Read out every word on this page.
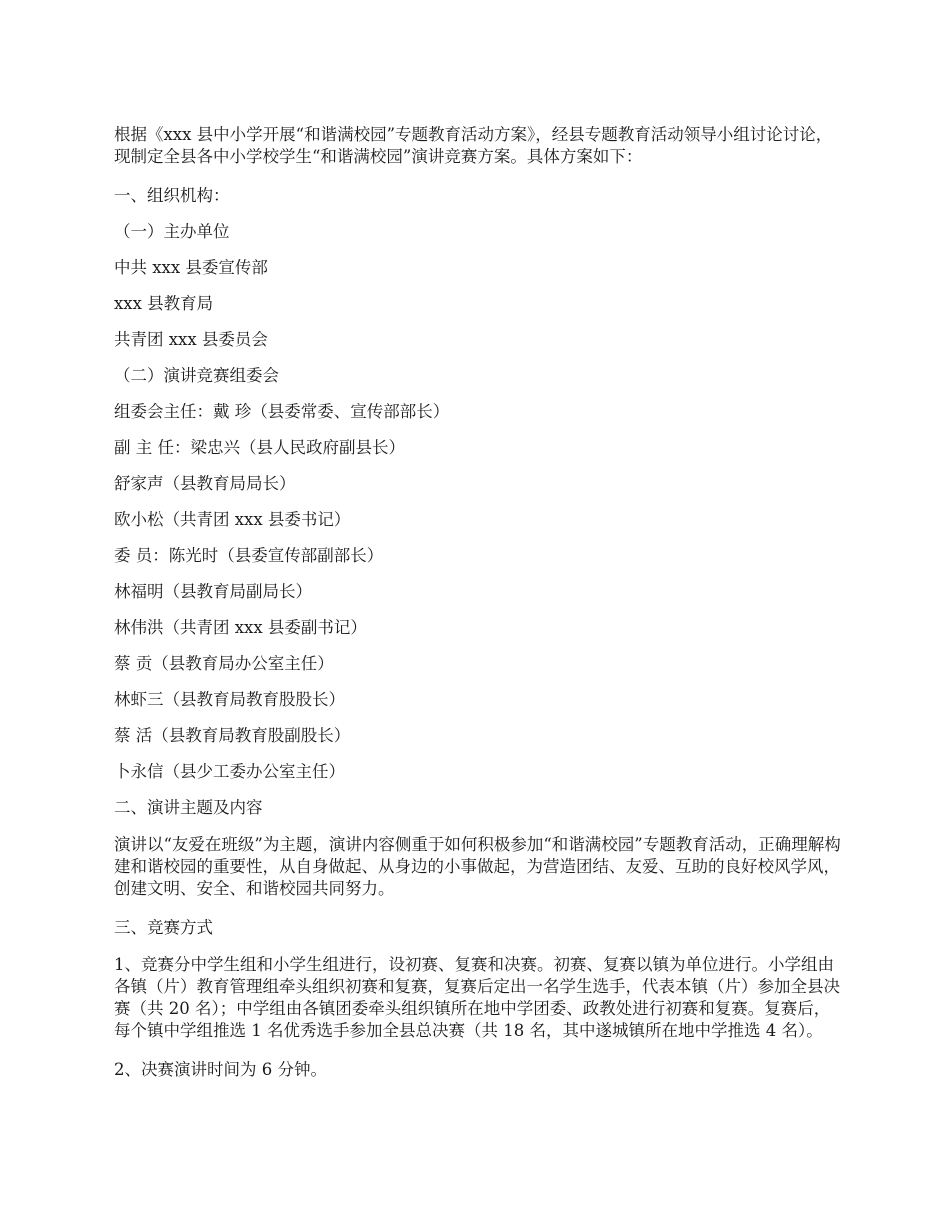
根据《xxx 县中小学开展“和谐满校园”专题教育活动方案》，经县专题教育活动领导小组讨论讨论，现制定全县各中小学校学生“和谐满校园”演讲竞赛方案。具体方案如下：

一、组织机构：

（一）主办单位

中共 xxx 县委宣传部

xxx 县教育局

共青团 xxx 县委员会

（二）演讲竞赛组委会

组委会主任：戴 珍（县委常委、宣传部部长）

副 主 任：梁忠兴（县人民政府副县长）

舒家声（县教育局局长）

欧小松（共青团 xxx 县委书记）

委 员：陈光时（县委宣传部副部长）

林福明（县教育局副局长）

林伟洪（共青团 xxx 县委副书记）

蔡 贡（县教育局办公室主任）

林虾三（县教育局教育股股长）

蔡 活（县教育局教育股副股长）

卜永信（县少工委办公室主任）

二、演讲主题及内容

演讲以“友爱在班级”为主题，演讲内容侧重于如何积极参加“和谐满校园”专题教育活动，正确理解构建和谐校园的重要性，从自身做起、从身边的小事做起，为营造团结、友爱、互助的良好校风学风，创建文明、安全、和谐校园共同努力。

三、竞赛方式

1、竞赛分中学生组和小学生组进行，设初赛、复赛和决赛。初赛、复赛以镇为单位进行。小学组由各镇（片）教育管理组牵头组织初赛和复赛，复赛后定出一名学生选手，代表本镇（片）参加全县决赛（共 20 名）；中学组由各镇团委牵头组织镇所在地中学团委、政教处进行初赛和复赛。复赛后，每个镇中学组推选 1 名优秀选手参加全县总决赛（共 18 名，其中遂城镇所在地中学推选 4 名）。

2、决赛演讲时间为 6 分钟。
